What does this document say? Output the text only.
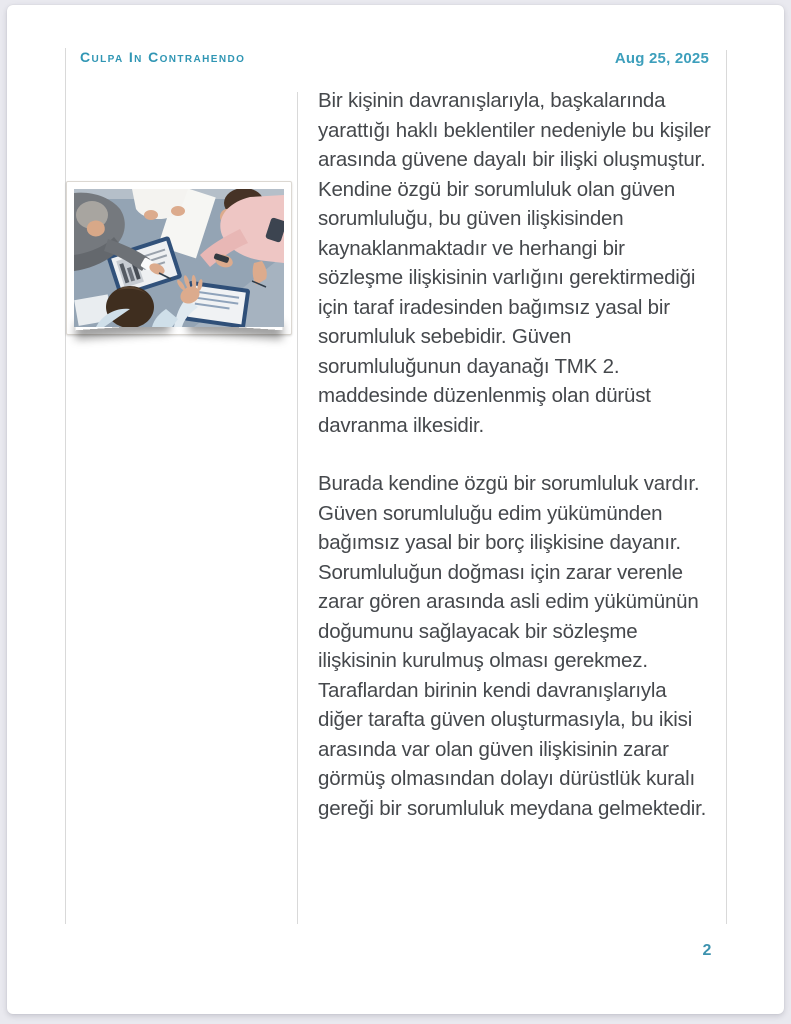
Culpa In Contrahendo	Aug 25, 2025

Bir kişinin davranışlarıyla, başkalarında yarattığı haklı beklentiler nedeniyle bu kişiler arasında güvene dayalı bir ilişki oluşmuştur. Kendine özgü bir sorumluluk olan güven sorumluluğu, bu güven ilişkisinden kaynaklanmaktadır ve herhangi bir sözleşme ilişkisinin varlığını gerektirmediği için taraf iradesinden bağımsız yasal bir sorumluluk sebebidir. Güven sorumluluğunun dayanağı TMK 2. maddesinde düzenlenmiş olan dürüst davranma ilkesidir.

Burada kendine özgü bir sorumluluk vardır. Güven sorumluluğu edim yükümünden bağımsız yasal bir borç ilişkisine dayanır. Sorumluluğun doğması için zarar verenle zarar gören arasında asli edim yükümünün doğumunu sağlayacak bir sözleşme ilişkisinin kurulmuş olması gerekmez. Taraflardan birinin kendi davranışlarıyla diğer tarafta güven oluşturmasıyla, bu ikisi arasında var olan güven ilişkisinin zarar görmüş olmasından dolayı dürüstlük kuralı gereği bir sorumluluk meydana gelmektedir.

2
